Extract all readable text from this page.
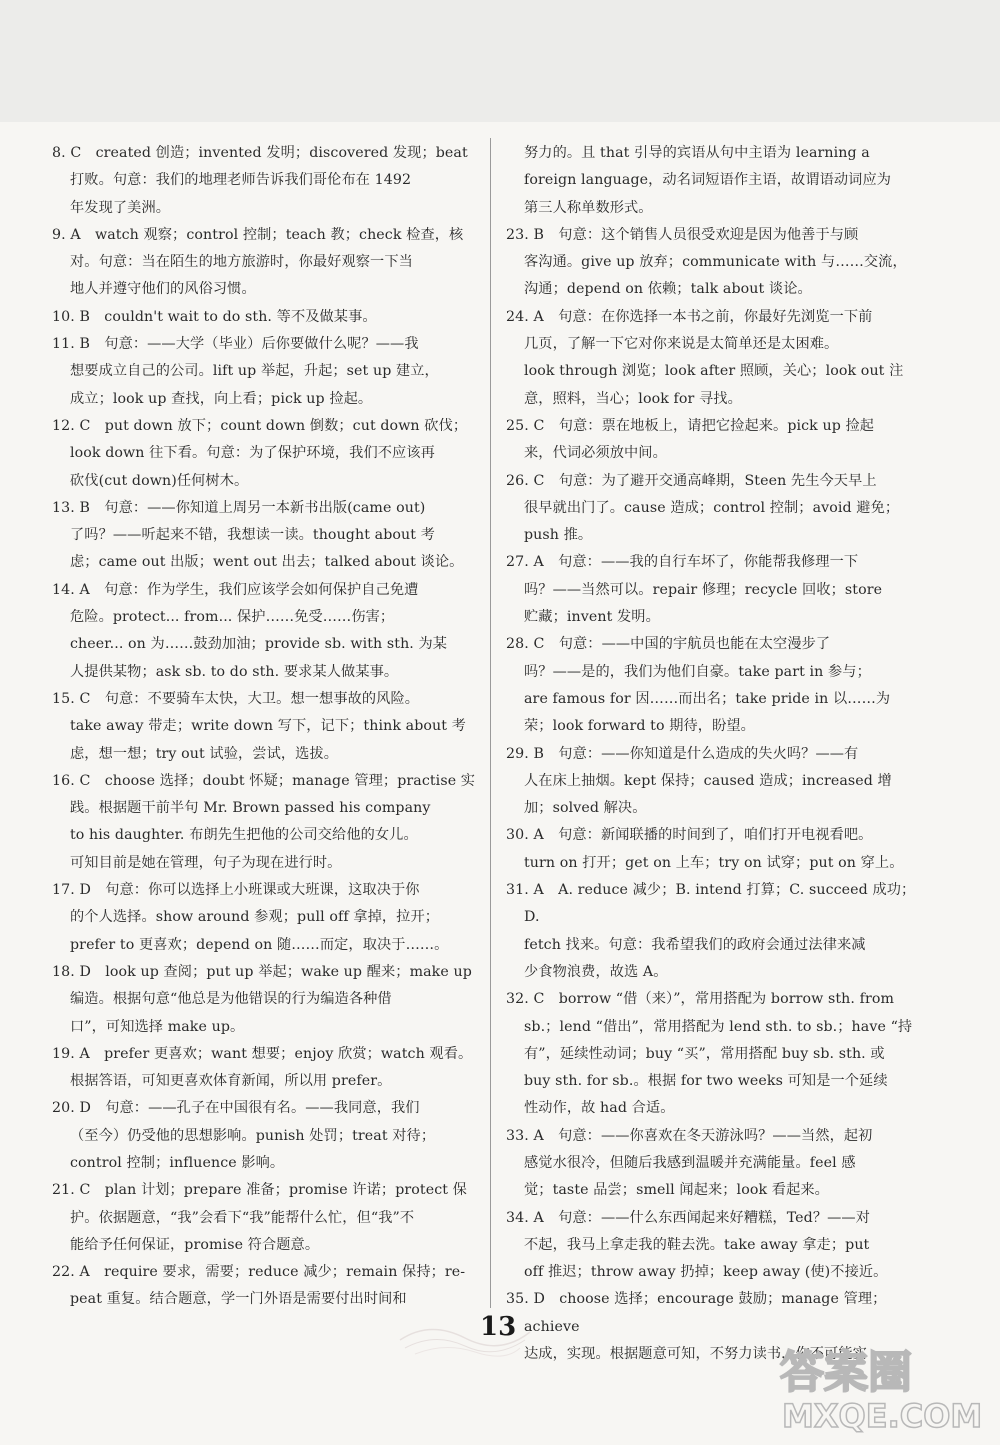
8. C　created 创造；invented 发明；discovered 发现；beat
打败。句意：我们的地理老师告诉我们哥伦布在 1492
年发现了美洲。
9. A　watch 观察；control 控制；teach 教；check 检查，核
对。句意：当在陌生的地方旅游时，你最好观察一下当
地人并遵守他们的风俗习惯。
10. B　couldn't wait to do sth. 等不及做某事。
11. B　句意：——大学（毕业）后你要做什么呢？——我
想要成立自己的公司。lift up 举起，升起；set up 建立，
成立；look up 查找，向上看；pick up 捡起。
12. C　put down 放下；count down 倒数；cut down 砍伐；
look down 往下看。句意：为了保护环境，我们不应该再
砍伐(cut down)任何树木。
13. B　句意：——你知道上周另一本新书出版(came out)
了吗？——听起来不错，我想读一读。thought about 考
虑；came out 出版；went out 出去；talked about 谈论。
14. A　句意：作为学生，我们应该学会如何保护自己免遭
危险。protect... from... 保护……免受……伤害；
cheer... on 为……鼓劲加油；provide sb. with sth. 为某
人提供某物；ask sb. to do sth. 要求某人做某事。
15. C　句意：不要骑车太快，大卫。想一想事故的风险。
take away 带走；write down 写下，记下；think about 考
虑，想一想；try out 试验，尝试，选拔。
16. C　choose 选择；doubt 怀疑；manage 管理；practise 实
践。根据题干前半句 Mr. Brown passed his company
to his daughter. 布朗先生把他的公司交给他的女儿。
可知目前是她在管理，句子为现在进行时。
17. D　句意：你可以选择上小班课或大班课，这取决于你
的个人选择。show around 参观；pull off 拿掉，拉开；
prefer to 更喜欢；depend on 随……而定，取决于……。
18. D　look up 查阅；put up 举起；wake up 醒来；make up
编造。根据句意“他总是为他错误的行为编造各种借
口”，可知选择 make up。
19. A　prefer 更喜欢；want 想要；enjoy 欣赏；watch 观看。
根据答语，可知更喜欢体育新闻，所以用 prefer。
20. D　句意：——孔子在中国很有名。——我同意，我们
（至今）仍受他的思想影响。punish 处罚；treat 对待；
control 控制；influence 影响。
21. C　plan 计划；prepare 准备；promise 许诺；protect 保
护。依据题意，“我”会看下“我”能帮什么忙，但“我”不
能给予任何保证，promise 符合题意。
22. A　require 要求，需要；reduce 减少；remain 保持；re-
peat 重复。结合题意，学一门外语是需要付出时间和
努力的。且 that 引导的宾语从句中主语为 learning a
foreign language，动名词短语作主语，故谓语动词应为
第三人称单数形式。
23. B　句意：这个销售人员很受欢迎是因为他善于与顾
客沟通。give up 放弃；communicate with 与……交流，
沟通；depend on 依赖；talk about 谈论。
24. A　句意：在你选择一本书之前，你最好先浏览一下前
几页，了解一下它对你来说是太简单还是太困难。
look through 浏览；look after 照顾，关心；look out 注
意，照料，当心；look for 寻找。
25. C　句意：票在地板上，请把它捡起来。pick up 捡起
来，代词必须放中间。
26. C　句意：为了避开交通高峰期，Steen 先生今天早上
很早就出门了。cause 造成；control 控制；avoid 避免；
push 推。
27. A　句意：——我的自行车坏了，你能帮我修理一下
吗？——当然可以。repair 修理；recycle 回收；store
贮藏；invent 发明。
28. C　句意：——中国的宇航员也能在太空漫步了
吗？——是的，我们为他们自豪。take part in 参与；
are famous for 因……而出名；take pride in 以……为
荣；look forward to 期待，盼望。
29. B　句意：——你知道是什么造成的失火吗？——有
人在床上抽烟。kept 保持；caused 造成；increased 增
加；solved 解决。
30. A　句意：新闻联播的时间到了，咱们打开电视看吧。
turn on 打开；get on 上车；try on 试穿；put on 穿上。
31. A　A. reduce 减少；B. intend 打算；C. succeed 成功；D.
fetch 找来。句意：我希望我们的政府会通过法律来减
少食物浪费，故选 A。
32. C　borrow “借（来）”，常用搭配为 borrow sth. from
sb.；lend “借出”，常用搭配为 lend sth. to sb.；have “持
有”，延续性动词；buy “买”，常用搭配 buy sb. sth. 或
buy sth. for sb.。根据 for two weeks 可知是一个延续
性动作，故 had 合适。
33. A　句意：——你喜欢在冬天游泳吗？——当然，起初
感觉水很冷，但随后我感到温暖并充满能量。feel 感
觉；taste 品尝；smell 闻起来；look 看起来。
34. A　句意：——什么东西闻起来好糟糕，Ted？——对
不起，我马上拿走我的鞋去洗。take away 拿走；put
off 推迟；throw away 扔掉；keep away (使)不接近。
35. D　choose 选择；encourage 鼓励；manage 管理；achieve
达成，实现。根据题意可知，不努力读书，你不可能实
13
答案圈
MXQE.COM
